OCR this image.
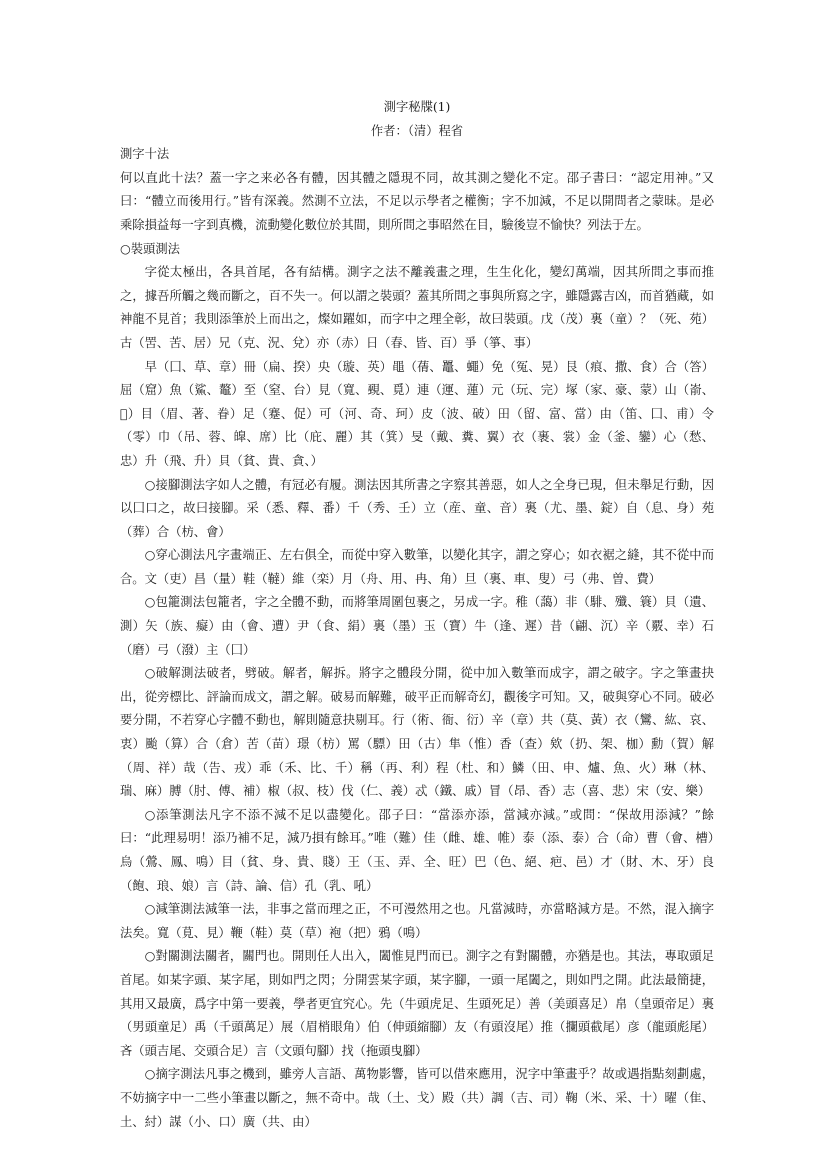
測字秘牒(1)
作者：（清）程省

測字十法

何以直此十法？蓋一字之来必各有體，因其體之隱現不同，故其測之變化不定。邵子書曰：“認定用神。”又曰：“體立而後用行。”皆有深義。然測不立法，不足以示學者之權衡；字不加減，不足以開問者之蒙昧。是必乘除損益每一字到真機，流動變化數位於其間，則所問之事昭然在目，驗後豈不愉快？列法于左。

○裝頭測法

字從太極出，各具首尾，各有結構。測字之法不離義畫之理，生生化化，變幻萬端，因其所問之事而推之，據吾所觸之幾而斷之，百不失一。何以謂之裝頭？蓋其所問之事與所寫之字，雖隱露吉凶，而首猶藏，如神龍不見首；我則添筆於上而出之，燦如躍如，而字中之理全彰，故曰裝頭。戊（茂）裏（童）？（死、苑）古（罟、苦、居）兄（克、況、兌）亦（赤）日（春、皆、百）爭（箏、事）

早（囗、草、章）冊（扁、揆）央（璇、英）黽（蒨、鼉、蠅）免（冤、晃）艮（痕、撒、食）合（答）屈（窟）魚（鯊、鼇）至（窒、台）見（寬、覡、覓）連（運、蓮）元（玩、完）塚（家、豪、蒙）山（嵛、𡿬）目（眉、著、眷）足（蹇、促）可（河、奇、珂）皮（波、破）田（留、富、當）由（笛、囗、甫）令（零）巾（吊、蓉、皥、席）比（庇、麗）其（箕）旻（戴、糞、翼）衣（裹、裳）金（釜、鑾）心（愁、忠）升（飛、升）貝（貧、貴、貪、）

○接腳測法字如人之體，有冠必有履。測法因其所書之字察其善惡，如人之全身已現，但未舉足行動，因以囗口之，故曰接腳。采（悉、釋、番）千（秀、壬）立（産、童、音）裏（尤、墨、錠）自（息、身）苑（葬）合（枋、會）

○穿心測法凡字畫端正、左右俱全，而從中穿入數筆，以變化其字，謂之穿心；如衣裾之縫，其不從中而合。文（吏）昌（量）鞋（韃）維（栾）月（舟、用、冉、角）旦（裏、車、叟）弓（弗、曽、費）

○包籠測法包籠者，字之全體不動，而將筆周圍包裹之，另成一字。稚（藹）非（騑、殲、簑）貝（遺、測）矢（族、癡）由（會、遭）尹（食、絹）裏（墨）玉（寶）牛（逢、遲）昔（翩、沉）辛（覈、幸）石（磨）弓（潑）主（囗）

○破解測法破者，劈破。解者，解拆。將字之體段分開，從中加入數筆而成字，謂之破字。字之筆畫抉出，從旁標比、評論而成文，謂之解。破易而解難，破平正而解奇幻，觀後字可知。又，破與穿心不同。破必要分開，不若穿心字體不動也，解則隨意抉剔耳。行（術、衙、衍）辛（章）共（莫、黃）衣（鸞、紘、哀、衷）颱（算）合（倉）苦（苗）璟（枋）罵（驃）田（古）隼（惟）香（查）欸（扔、架、枷）勳（賀）解（周、祥）哉（告、戎）乖（禾、比、千）稱（再、利）程（杜、和）鱗（田、申、爐、魚、火）琳（林、瑞、麻）膊（肘、傅、補）椒（叔、枝）伐（仁、義）忒（鐵、戚）冒（昂、香）志（喜、悲）宋（安、樂）

○添筆測法凡字不添不減不足以盡變化。邵子曰：“當添亦添，當減亦減。”或問：“保故用添減？”餘曰：“此理易明！添乃補不足，減乃損有餘耳。”唯（難）佳（雌、雄、帷）泰（添、泰）合（命）曹（會、槽）烏（鶯、鳳、鳴）目（貧、身、貴、賤）王（玉、弄、全、旺）巴（色、絕、疤、邑）才（財、木、牙）良（飽、琅、娘）言（詩、論、信）孔（乳、吼）

○減筆測法減筆一法，非事之當而理之正，不可漫然用之也。凡當減時，亦當略減方是。不然，混入摘字法矣。寬（莧、見）鞭（鞋）莫（草）袍（把）鴉（鳴）

○對關測法關者，關門也。開則任人出入，闔惟見門而已。測字之有對關體，亦猶是也。其法，專取頭足首尾。如某字頭、某字尾，則如門之閃；分開雲某字頭，某字腳，一頭一尾闔之，則如門之開。此法最簡捷，其用又最廣，爲字中第一要義，學者更宜究心。先（牛頭虎足、生頭死足）善（美頭喜足）帛（皇頭帝足）裏（男頭童足）禹（千頭萬足）展（眉梢眼角）伯（伸頭縮腳）友（有頭沒尾）推（攔頭截尾）彦（龍頭彪尾）吝（頭吉尾、交頭合足）言（文頭句腳）找（拖頭曳腳）

○摘字測法凡事之機到，雖旁人言語、萬物影響，皆可以借來應用，況字中筆畫乎？故或遇指點刻劃處，不妨摘字中一二些小筆畫以斷之，無不奇中。哉（土、戈）殿（共）調（吉、司）鞠（米、采、十）曜（隹、土、紂）謀（小、口）廣（共、由）
